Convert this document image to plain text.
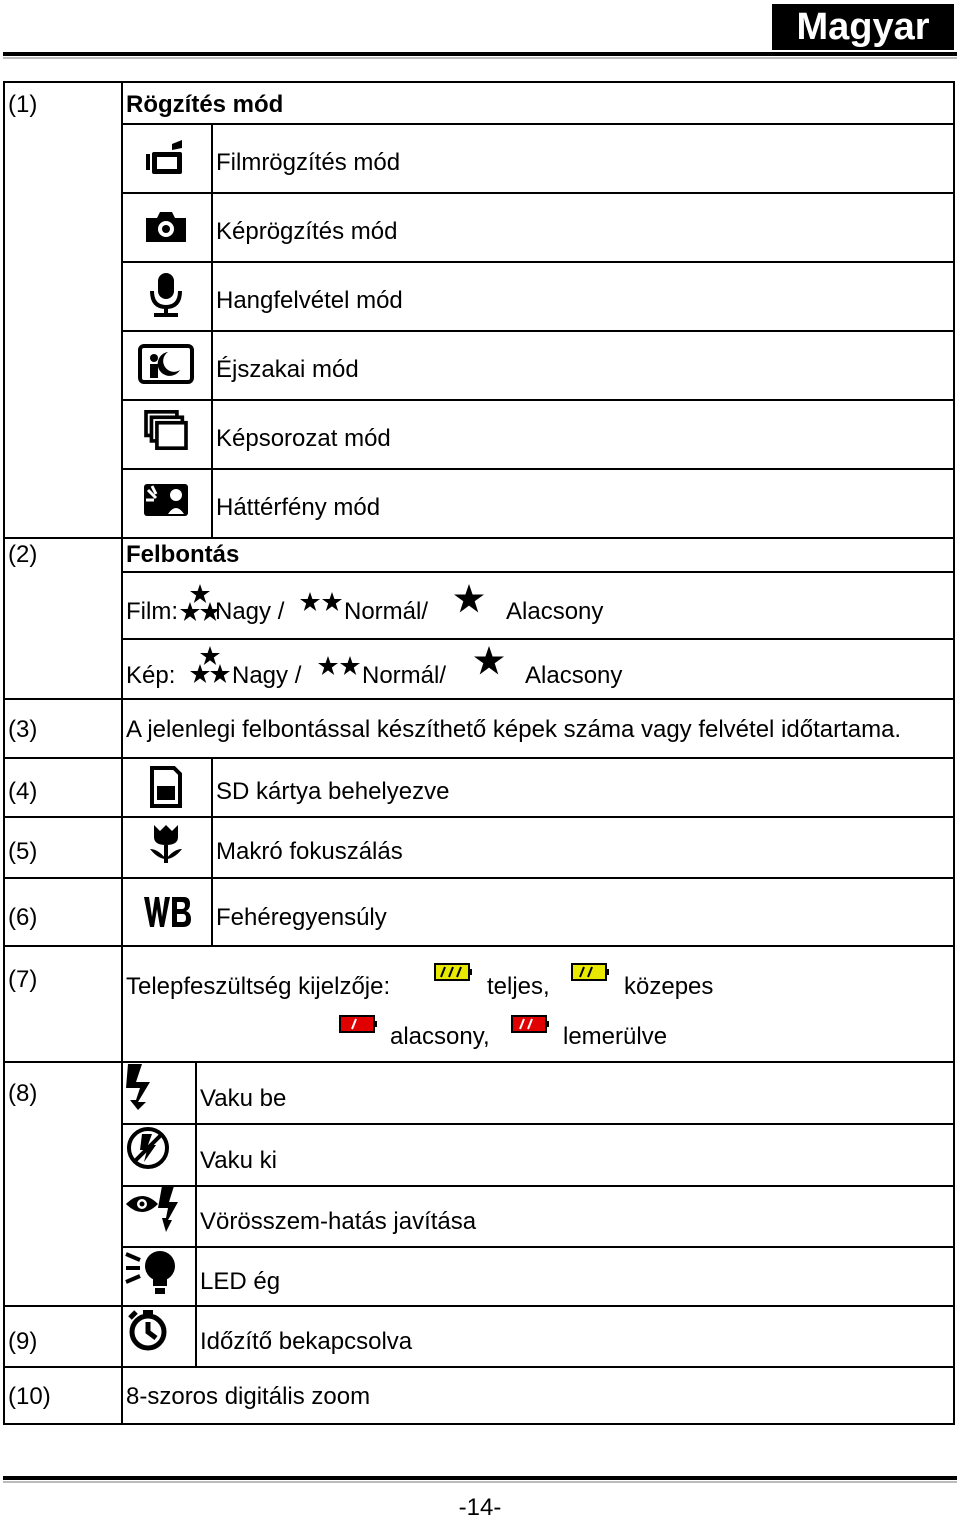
Magyar
(1)	Rögzítés mód
Filmrögzítés mód
Képrögzítés mód
Hangfelvétel mód
Éjszakai mód
Képsorozat mód
Háttérfény mód
(2)	Felbontás
Film: Nagy / Normál/	Alacsony
Kép: Nagy /	Normál/	Alacsony
(3)	A jelenlegi felbontással készíthető képek száma vagy felvétel időtartama.
(4)	SD kártya behelyezve
(5)	Makró fokuszálás
(6)	Fehéregyensúly
(7)	Telepfeszültség kijelzője:	teljes,	közepes
alacsony,	lemerülve
(8)	Vaku be
Vaku ki
Vörösszem-hatás javítása
LED ég
(9)	Időzítő bekapcsolva
(10)	8-szoros digitális zoom
-14-
